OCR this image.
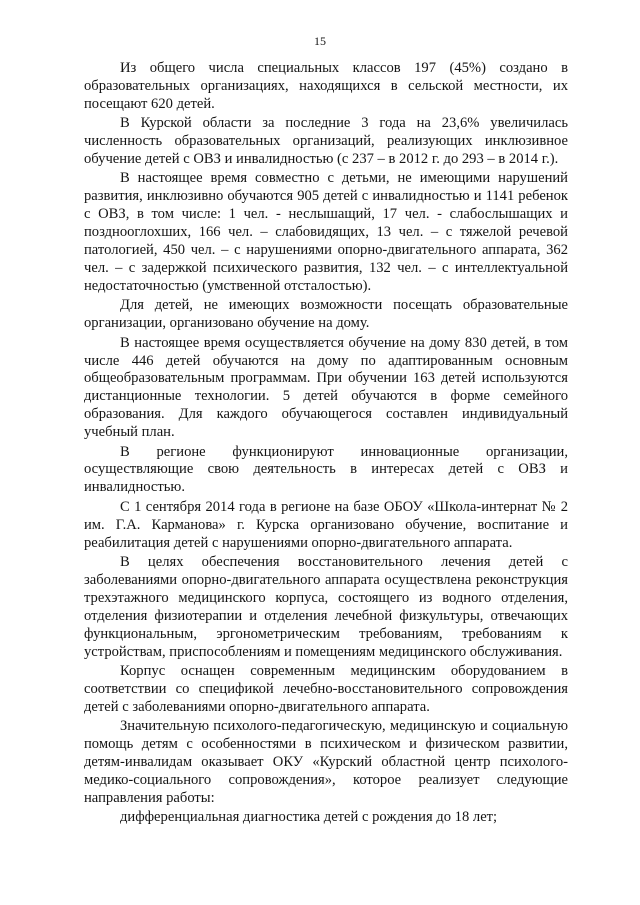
15

Из общего числа специальных классов 197 (45%) создано в образовательных организациях, находящихся в сельской местности, их посещают 620 детей.

В Курской области за последние 3 года на 23,6% увеличилась численность образовательных организаций, реализующих инклюзивное обучение детей с ОВЗ и инвалидностью (с 237 – в 2012 г. до 293 – в 2014 г.).

В настоящее время совместно с детьми, не имеющими нарушений развития, инклюзивно обучаются 905 детей с инвалидностью и 1141 ребенок с ОВЗ, в том числе: 1 чел. - неслышащий, 17 чел. - слабослышащих и позднооглохших, 166 чел. – слабовидящих, 13 чел. – с тяжелой речевой патологией, 450 чел. – с нарушениями опорно-двигательного аппарата, 362 чел. – с задержкой психического развития, 132 чел. – с интеллектуальной недостаточностью (умственной отсталостью).

Для детей, не имеющих возможности посещать образовательные организации, организовано обучение на дому.

В настоящее время осуществляется обучение на дому 830 детей, в том числе 446 детей обучаются на дому по адаптированным основным общеобразовательным программам. При обучении 163 детей используются дистанционные технологии. 5 детей обучаются в форме семейного образования. Для каждого обучающегося составлен индивидуальный учебный план.

В регионе функционируют инновационные организации, осуществляющие свою деятельность в интересах детей с ОВЗ и инвалидностью.

С 1 сентября 2014 года в регионе на базе ОБОУ «Школа-интернат № 2 им. Г.А. Карманова» г. Курска организовано обучение, воспитание и реабилитация детей с нарушениями опорно-двигательного аппарата.

В целях обеспечения восстановительного лечения детей с заболеваниями опорно-двигательного аппарата осуществлена реконструкция трехэтажного медицинского корпуса, состоящего из водного отделения, отделения физиотерапии и отделения лечебной физкультуры, отвечающих функциональным, эргонометрическим требованиям, требованиям к устройствам, приспособлениям и помещениям медицинского обслуживания.

Корпус оснащен современным медицинским оборудованием в соответствии со спецификой лечебно-восстановительного сопровождения детей с заболеваниями опорно-двигательного аппарата.

Значительную психолого-педагогическую, медицинскую и социальную помощь детям с особенностями в психическом и физическом развитии, детям-инвалидам оказывает ОКУ «Курский областной центр психолого-медико-социального сопровождения», которое реализует следующие направления работы:

дифференциальная диагностика детей с рождения до 18 лет;
